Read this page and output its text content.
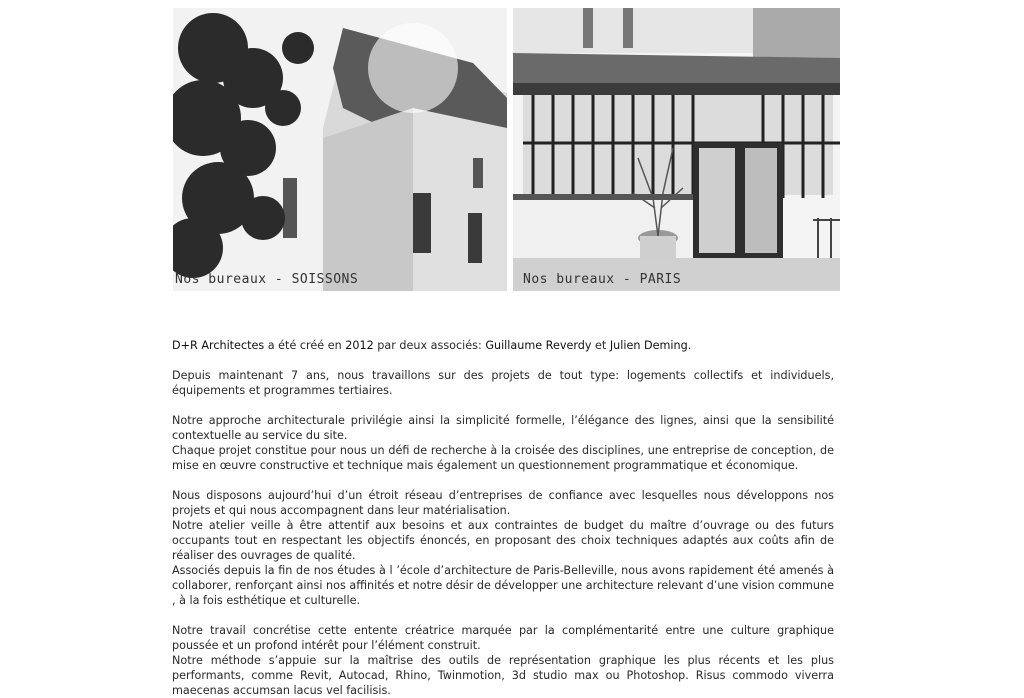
Nos bureaux - SOISSONS	Nos bureaux - PARIS

D+R Architectes a été créé en 2012 par deux associés: Guillaume Reverdy et Julien Deming.

Depuis maintenant 7 ans, nous travaillons sur des projets de tout type: logements collectifs et individuels, équipements et programmes tertiaires.

Notre approche architecturale privilégie ainsi la simplicité formelle, l’élégance des lignes, ainsi que la sensibilité contextuelle au service du site.

Chaque projet constitue pour nous un défi de recherche à la croisée des disciplines, une entreprise de conception, de mise en œuvre constructive et technique mais également un questionnement programmatique et économique.

Nous disposons aujourd’hui d’un étroit réseau d’entreprises de confiance avec lesquelles nous développons nos projets et qui nous accompagnent dans leur matérialisation.

Notre atelier veille à être attentif aux besoins et aux contraintes de budget du maître d’ouvrage ou des futurs occupants tout en respectant les objectifs énoncés, en proposant des choix techniques adaptés aux coûts afin de réaliser des ouvrages de qualité.

Associés depuis la fin de nos études à l ’école d’architecture de Paris-Belleville, nous avons rapidement été amenés à collaborer, renforçant ainsi nos affinités et notre désir de développer une architecture relevant d’une vision commune , à la fois esthétique et culturelle.

Notre travail concrétise cette entente créatrice marquée par la complémentarité entre une culture graphique poussée et un profond intérêt pour l’élément construit.

Notre méthode s’appuie sur la maîtrise des outils de représentation graphique les plus récents et les plus performants, comme Revit, Autocad, Rhino, Twinmotion, 3d studio max ou Photoshop. Risus commodo viverra maecenas accumsan lacus vel facilisis.
